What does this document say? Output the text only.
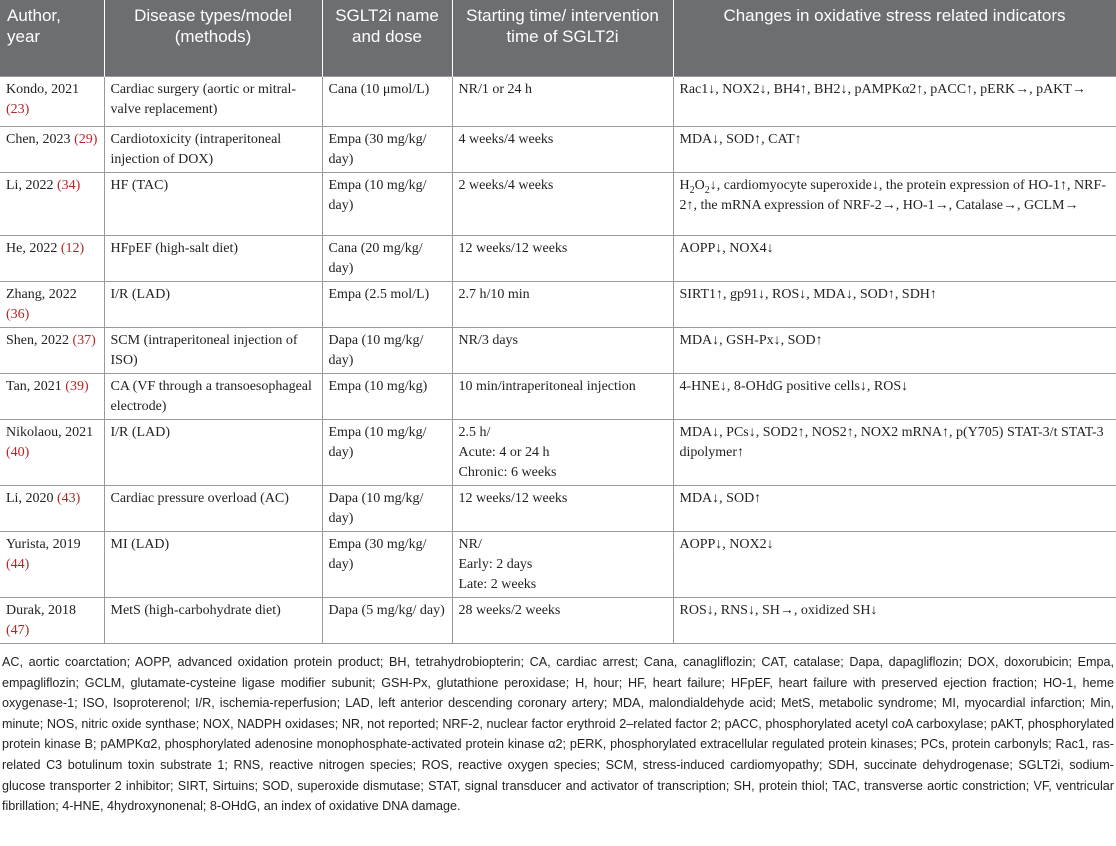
Author, year	Disease types/model (methods)	SGLT2i name and dose	Starting time/ intervention time of SGLT2i	Changes in oxidative stress related indicators
Kondo, 2021 (23)	Cardiac surgery (aortic or mitral-valve replacement)	Cana (10 μmol/L)	NR/1 or 24 h	Rac1↓, NOX2↓, BH4↑, BH2↓, pAMPKα2↑, pACC↑, pERK→, pAKT→
Chen, 2023 (29)	Cardiotoxicity (intraperitoneal injection of DOX)	Empa (30 mg/kg/ day)	4 weeks/4 weeks	MDA↓, SOD↑, CAT↑
Li, 2022 (34)	HF (TAC)	Empa (10 mg/kg/ day)	2 weeks/4 weeks	$H_2O_2↓$, cardiomyocyte superoxide↓, the protein expression of HO-1↑, NRF-2↑, the mRNA expression of NRF-2→, HO-1→, Catalase→, GCLM→
He, 2022 (12)	HFpEF (high-salt diet)	Cana (20 mg/kg/ day)	12 weeks/12 weeks	AOPP↓, NOX4↓
Zhang, 2022 (36)	I/R (LAD)	Empa (2.5 mol/L)	2.7 h/10 min	SIRT1↑, gp91↓, ROS↓, MDA↓, SOD↑, SDH↑
Shen, 2022 (37)	SCM (intraperitoneal injection of ISO)	Dapa (10 mg/kg/ day)	NR/3 days	MDA↓, GSH-Px↓, SOD↑
Tan, 2021 (39)	CA (VF through a transoesophageal electrode)	Empa (10 mg/kg)	10 min/intraperitoneal injection	4-HNE↓, 8-OHdG positive cells↓, ROS↓
Nikolaou, 2021 (40)	I/R (LAD)	Empa (10 mg/kg/ day)	2.5 h/
Acute: 4 or 24 h
Chronic: 6 weeks	MDA↓, PCs↓, SOD2↑, NOS2↑, NOX2 mRNA↑, p(Y705) STAT-3/t STAT-3 dipolymer↑
Li, 2020 (43)	Cardiac pressure overload (AC)	Dapa (10 mg/kg/ day)	12 weeks/12 weeks	MDA↓, SOD↑
Yurista, 2019 (44)	MI (LAD)	Empa (30 mg/kg/ day)	NR/
Early: 2 days
Late: 2 weeks	AOPP↓, NOX2↓
Durak, 2018 (47)	MetS (high-carbohydrate diet)	Dapa (5 mg/kg/ day)	28 weeks/2 weeks	ROS↓, RNS↓, SH→, oxidized SH↓
AC, aortic coarctation; AOPP, advanced oxidation protein product; BH, tetrahydrobiopterin; CA, cardiac arrest; Cana, canagliflozin; CAT, catalase; Dapa, dapagliflozin; DOX, doxorubicin; Empa, empagliflozin; GCLM, glutamate-cysteine ligase modifier subunit; GSH-Px, glutathione peroxidase; H, hour; HF, heart failure; HFpEF, heart failure with preserved ejection fraction; HO-1, heme oxygenase-1; ISO, Isoproterenol; I/R, ischemia-reperfusion; LAD, left anterior descending coronary artery; MDA, malondialdehyde acid; MetS, metabolic syndrome; MI, myocardial infarction; Min, minute; NOS, nitric oxide synthase; NOX, NADPH oxidases; NR, not reported; NRF-2, nuclear factor erythroid 2–related factor 2; pACC, phosphorylated acetyl coA carboxylase; pAKT, phosphorylated protein kinase B; pAMPKα2, phosphorylated adenosine monophosphate-activated protein kinase α2; pERK, phosphorylated extracellular regulated protein kinases; PCs, protein carbonyls; Rac1, ras-related C3 botulinum toxin substrate 1; RNS, reactive nitrogen species; ROS, reactive oxygen species; SCM, stress-induced cardiomyopathy; SDH, succinate dehydrogenase; SGLT2i, sodium-glucose transporter 2 inhibitor; SIRT, Sirtuins; SOD, superoxide dismutase; STAT, signal transducer and activator of transcription; SH, protein thiol; TAC, transverse aortic constriction; VF, ventricular fibrillation; 4-HNE, 4hydroxynonenal; 8-OHdG, an index of oxidative DNA damage.
